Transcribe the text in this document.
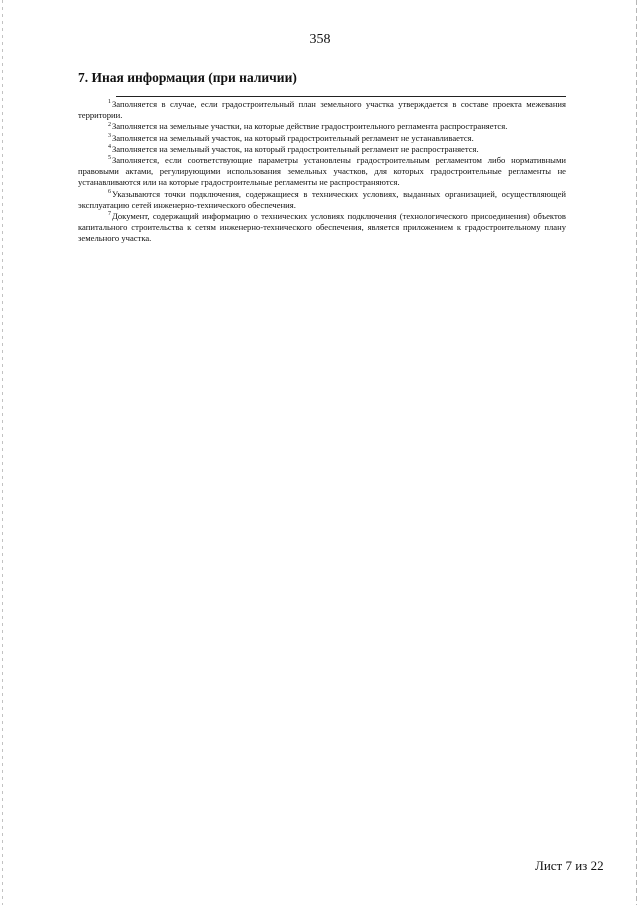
358
7. Иная информация (при наличии)

$^1$Заполняется в случае, если градостроительный план земельного участка утверждается в составе проекта межевания территории.

$^2$Заполняется на земельные участки, на которые действие градостроительного регламента распространяется.

$^3$Заполняется на земельный участок, на который градостроительный регламент не устанавливается.

$^4$Заполняется на земельный участок, на который градостроительный регламент не распространяется.

$^5$Заполняется, если соответствующие параметры установлены градостроительным регламентом либо нормативными правовыми актами, регулирующими использования земельных участков, для которых градостроительные регламенты не устанавливаются или на которые градостроительные регламенты не распространяются.

$^6$Указываются точки подключения, содержащиеся в технических условиях, выданных организацией, осуществляющей эксплуатацию сетей инженерно-технического обеспечения.

$^7$Документ, содержащий информацию о технических условиях подключения (технологического присоединения) объектов капитального строительства к сетям инженерно-технического обеспечения, является приложением к градостроительному плану земельного участка.

Лист 7 из 22
